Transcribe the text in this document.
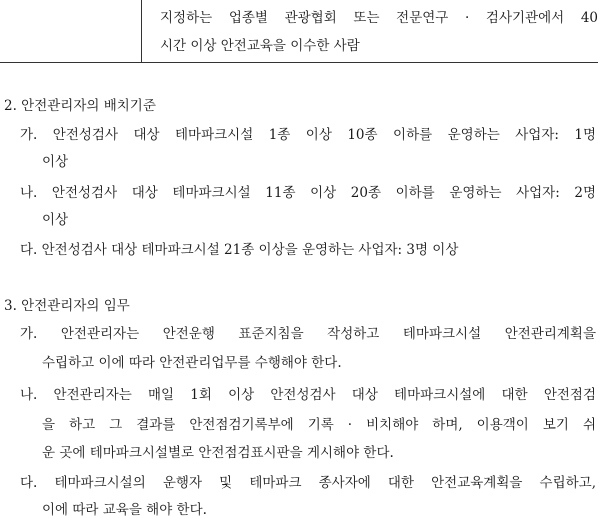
지정하는 업종별 관광협회 또는 전문연구 · 검사기관에서 40
시간 이상 안전교육을 이수한 사람
2. 안전관리자의 배치기준
가. 안전성검사 대상 테마파크시설 1종 이상 10종 이하를 운영하는 사업자: 1명
이상
나. 안전성검사 대상 테마파크시설 11종 이상 20종 이하를 운영하는 사업자: 2명
이상
다. 안전성검사 대상 테마파크시설 21종 이상을 운영하는 사업자: 3명 이상
3. 안전관리자의 임무
가. 안전관리자는 안전운행 표준지침을 작성하고 테마파크시설 안전관리계획을
수립하고 이에 따라 안전관리업무를 수행해야 한다.
나. 안전관리자는 매일 1회 이상 안전성검사 대상 테마파크시설에 대한 안전점검
을 하고 그 결과를 안전점검기록부에 기록 · 비치해야 하며, 이용객이 보기 쉬
운 곳에 테마파크시설별로 안전점검표시판을 게시해야 한다.
다. 테마파크시설의 운행자 및 테마파크 종사자에 대한 안전교육계획을 수립하고,
이에 따라 교육을 해야 한다.
